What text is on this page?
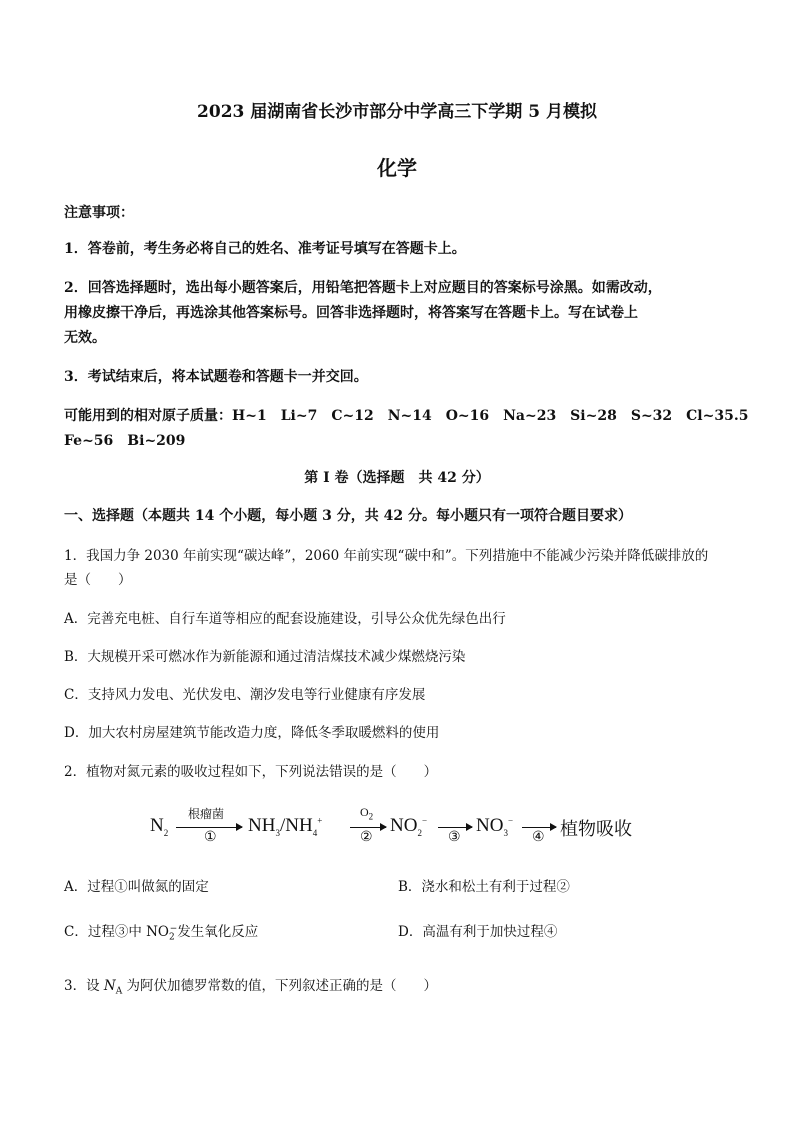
2023 届湖南省长沙市部分中学高三下学期 5 月模拟
化学
注意事项：
1．答卷前，考生务必将自己的姓名、准考证号填写在答题卡上。
2．回答选择题时，选出每小题答案后，用铅笔把答题卡上对应题目的答案标号涂黑。如需改动，
用橡皮擦干净后，再选涂其他答案标号。回答非选择题时，将答案写在答题卡上。写在试卷上
无效。
3．考试结束后，将本试题卷和答题卡一并交回。
可能用到的相对原子质量：H~1　Li~7　C~12　N~14　O~16　Na~23　Si~28　S~32　Cl~35.5
Fe~56　Bi~209
第 I 卷（选择题　共 42 分）
一、选择题（本题共 14 个小题，每小题 3 分，共 42 分。每小题只有一项符合题目要求）
1．我国力争 2030 年前实现“碳达峰”，2060 年前实现“碳中和”。下列措施中不能减少污染并降低碳排放的
是（　　）
A．完善充电桩、自行车道等相应的配套设施建设，引导公众优先绿色出行
B．大规模开采可燃冰作为新能源和通过清洁煤技术减少煤燃烧污染
C．支持风力发电、光伏发电、潮汐发电等行业健康有序发展
D．加大农村房屋建筑节能改造力度，降低冬季取暖燃料的使用
2．植物对氮元素的吸收过程如下，下列说法错误的是（　　）
$N_2$
根瘤菌
①
$NH_3/NH_4^+$
$O_2$
②
$NO_2^-$
③
$NO_3^-$
④ 植物吸收
A．过程①叫做氮的固定	B．浇水和松土有利于过程②
C．过程③中 $NO_2^-$发生氧化反应	D．高温有利于加快过程④
3．设 $N_A$ 为阿伏加德罗常数的值，下列叙述正确的是（　　）
